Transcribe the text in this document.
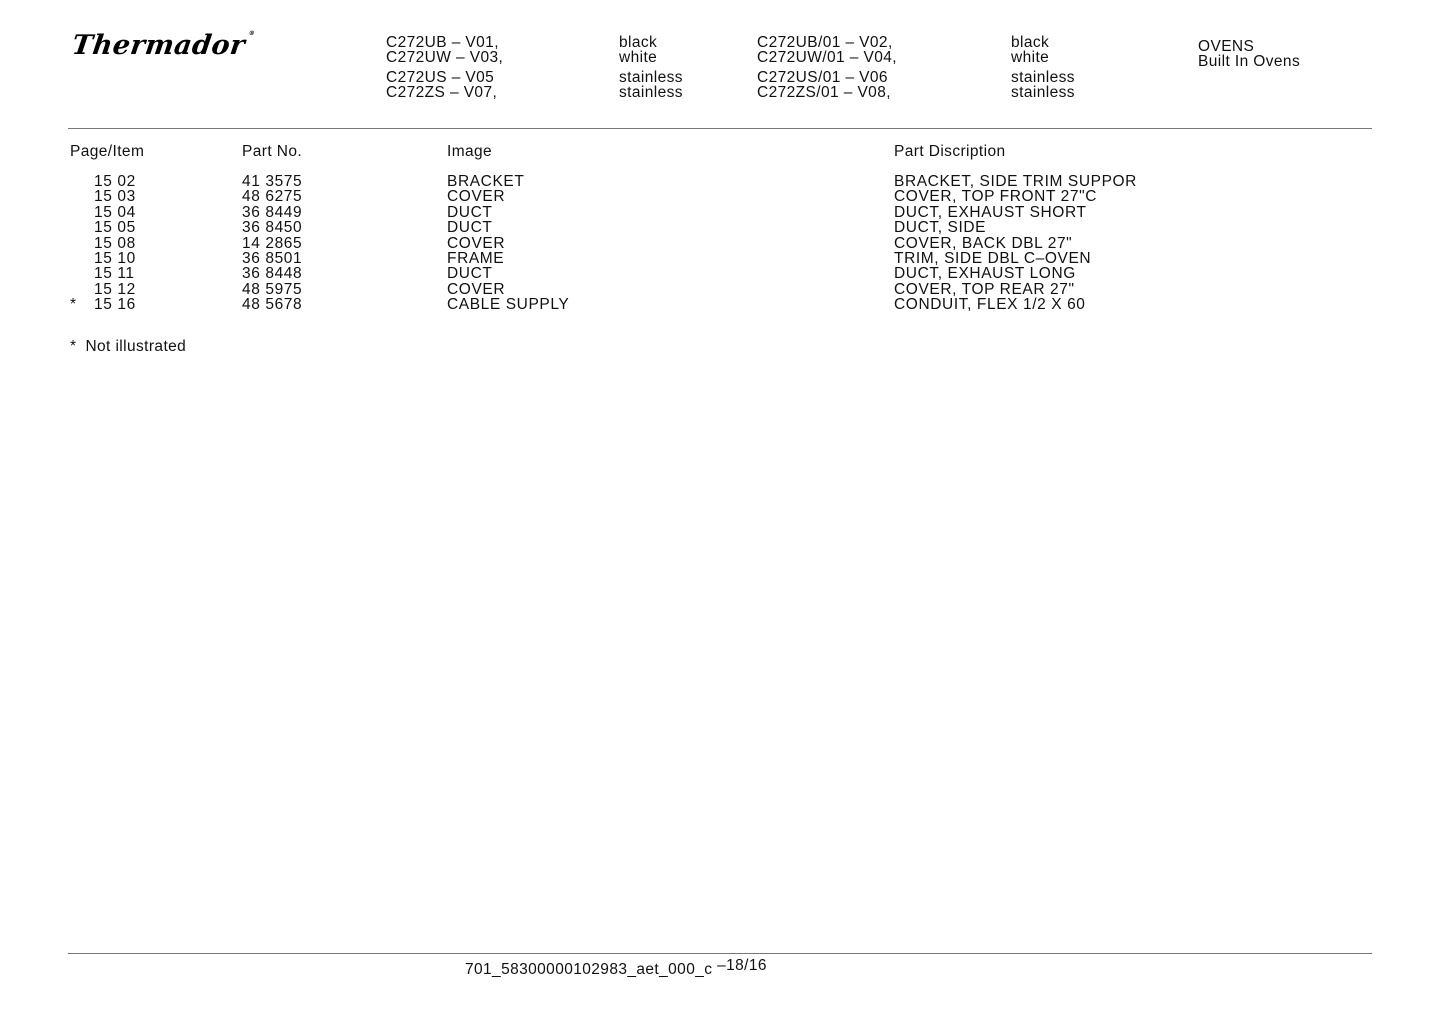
Thermador®
C272UB – V01,	black	C272UB/01 – V02,	black
C272UW – V03,	white	C272UW/01 – V04,	white
C272US – V05	stainless	C272US/01 – V06	stainless
C272ZS – V07,	stainless	C272ZS/01 – V08,	stainless
OVENS
Built In Ovens
Page/Item	Part No.	Image	Part Discription
15 02	41 3575	BRACKET	BRACKET, SIDE TRIM SUPPOR
15 03	48 6275	COVER	COVER, TOP FRONT 27"C
15 04	36 8449	DUCT	DUCT, EXHAUST SHORT
15 05	36 8450	DUCT	DUCT, SIDE
15 08	14 2865	COVER	COVER, BACK DBL 27"
15 10	36 8501	FRAME	TRIM, SIDE DBL C–OVEN
15 11	36 8448	DUCT	DUCT, EXHAUST LONG
15 12	48 5975	COVER	COVER, TOP REAR 27"
* 15 16	48 5678	CABLE SUPPLY	CONDUIT, FLEX 1/2 X 60
* Not illustrated
701_58300000102983_aet_000_c –18/16
